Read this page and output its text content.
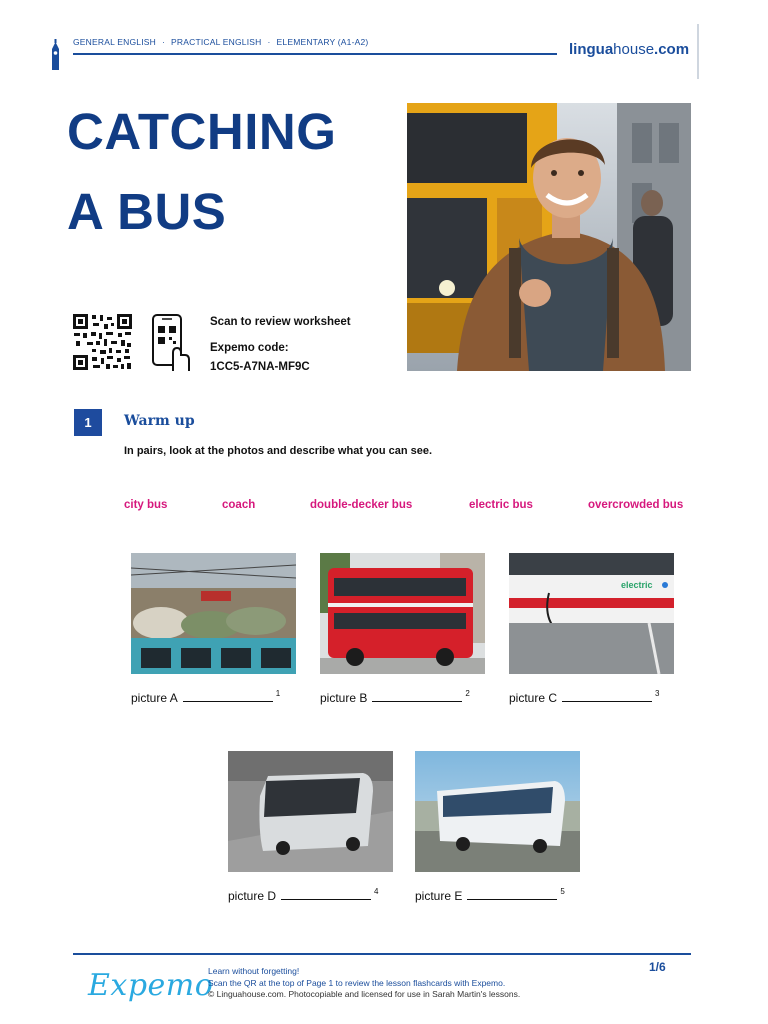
GENERAL ENGLISH · PRACTICAL ENGLISH · ELEMENTARY (A1-A2)	linguahouse.com
CATCHING
A BUS
Scan to review worksheet
Expemo code:
1CC5-A7NA-MF9C
1	Warm up
In pairs, look at the photos and describe what you can see.
city bus	coach	double-decker bus	electric bus	overcrowded bus
picture A	$^1$	picture B	$^2$
electric
picture C	$^3$
picture D	$^4$	picture E	$^5$
Expemo
Learn without forgetting!
Scan the QR at the top of Page 1 to review the lesson flashcards with Expemo.
© Linguahouse.com. Photocopiable and licensed for use in Sarah Martin's lessons.
1/6
